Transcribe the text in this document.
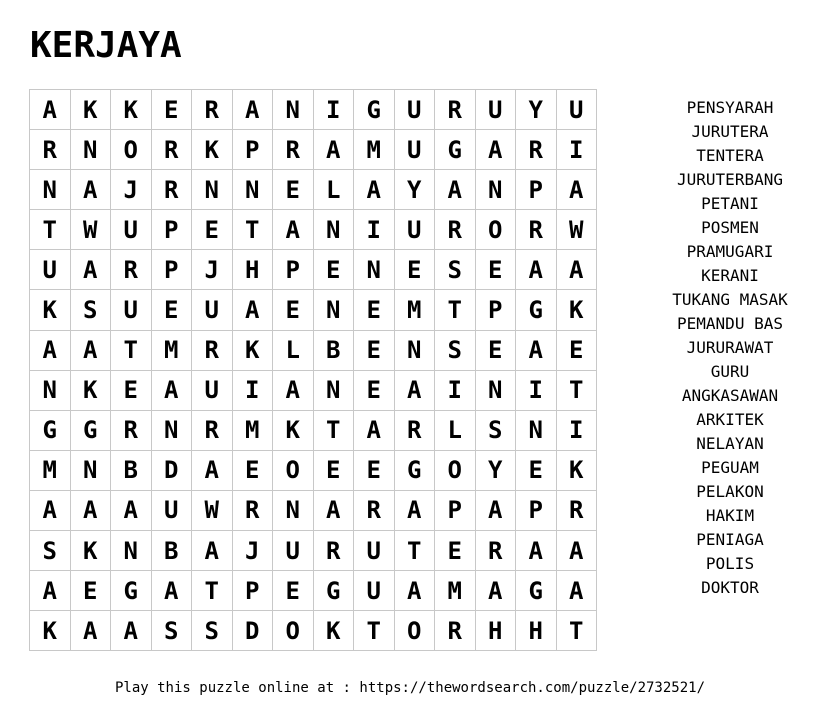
KERJAYA
A	K	K	E	R	A	N	I	G	U	R	U	Y	U
R	N	O	R	K	P	R	A	M	U	G	A	R	I
N	A	J	R	N	N	E	L	A	Y	A	N	P	A
T	W	U	P	E	T	A	N	I	U	R	O	R	W
U	A	R	P	J	H	P	E	N	E	S	E	A	A
K	S	U	E	U	A	E	N	E	M	T	P	G	K
A	A	T	M	R	K	L	B	E	N	S	E	A	E
N	K	E	A	U	I	A	N	E	A	I	N	I	T
G	G	R	N	R	M	K	T	A	R	L	S	N	I
M	N	B	D	A	E	O	E	E	G	O	Y	E	K
A	A	A	U	W	R	N	A	R	A	P	A	P	R
S	K	N	B	A	J	U	R	U	T	E	R	A	A
A	E	G	A	T	P	E	G	U	A	M	A	G	A
K	A	A	S	S	D	O	K	T	O	R	H	H	T
PENSYARAH
JURUTERA
TENTERA
JURUTERBANG
PETANI
POSMEN
PRAMUGARI
KERANI
TUKANG MASAK
PEMANDU BAS
JURURAWAT
GURU
ANGKASAWAN
ARKITEK
NELAYAN
PEGUAM
PELAKON
HAKIM
PENIAGA
POLIS
DOKTOR
Play this puzzle online at : https://thewordsearch.com/puzzle/2732521/
